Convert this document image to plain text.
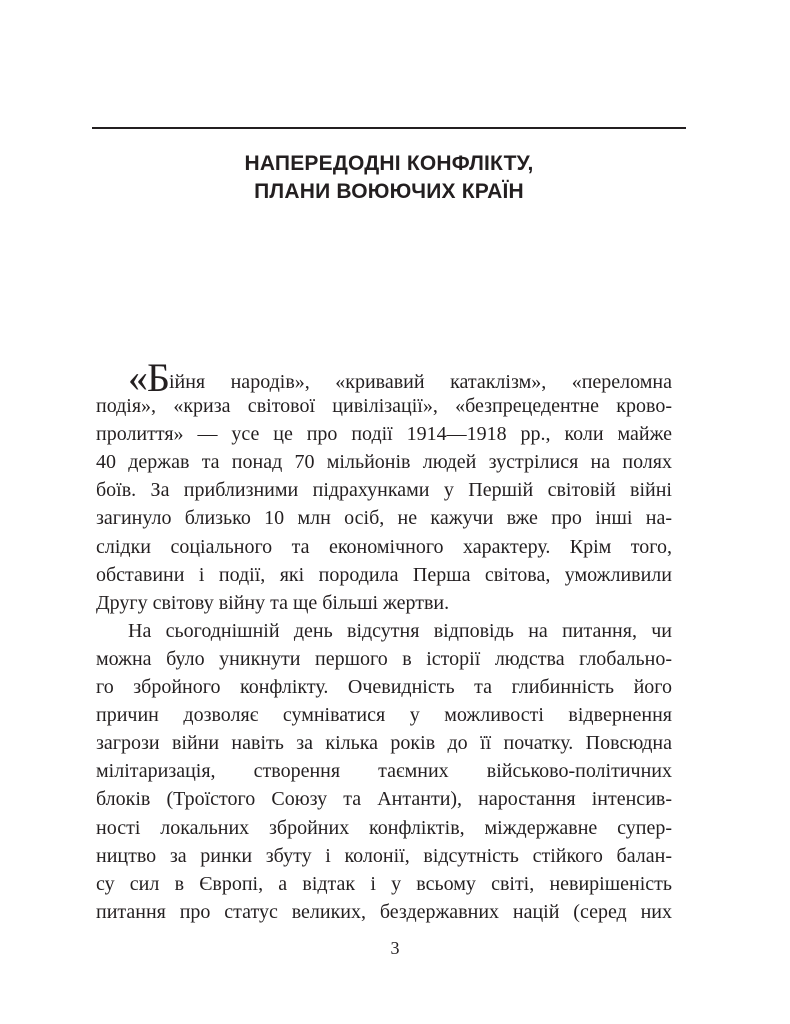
НАПЕРЕДОДНІ КОНФЛІКТУ,
ПЛАНИ ВОЮЮЧИХ КРАЇН
«Бійня народів», «кривавий катаклізм», «переломна
подія», «криза світової цивілізації», «безпрецедентне крово-
пролиття» — усе це про події 1914—1918 рр., коли майже
40 держав та понад 70 мільйонів людей зустрілися на полях
боїв. За приблизними підрахунками у Першій світовій війні
загинуло близько 10 млн осіб, не кажучи вже про інші на-
слідки соціального та економічного характеру. Крім того,
обставини і події, які породила Перша світова, уможливили
Другу світову війну та ще більші жертви.
На сьогоднішній день відсутня відповідь на питання, чи
можна було уникнути першого в історії людства глобально-
го збройного конфлікту. Очевидність та глибинність його
причин дозволяє сумніватися у можливості відвернення
загрози війни навіть за кілька років до її початку. Повсюдна
мілітаризація, створення таємних військово-політичних
блоків (Троїстого Союзу та Антанти), наростання інтенсив-
ності локальних збройних конфліктів, міждержавне супер-
ництво за ринки збуту і колонії, відсутність стійкого балан-
су сил в Європі, а відтак і у всьому світі, невирішеність
питання про статус великих, бездержавних націй (серед них
3
